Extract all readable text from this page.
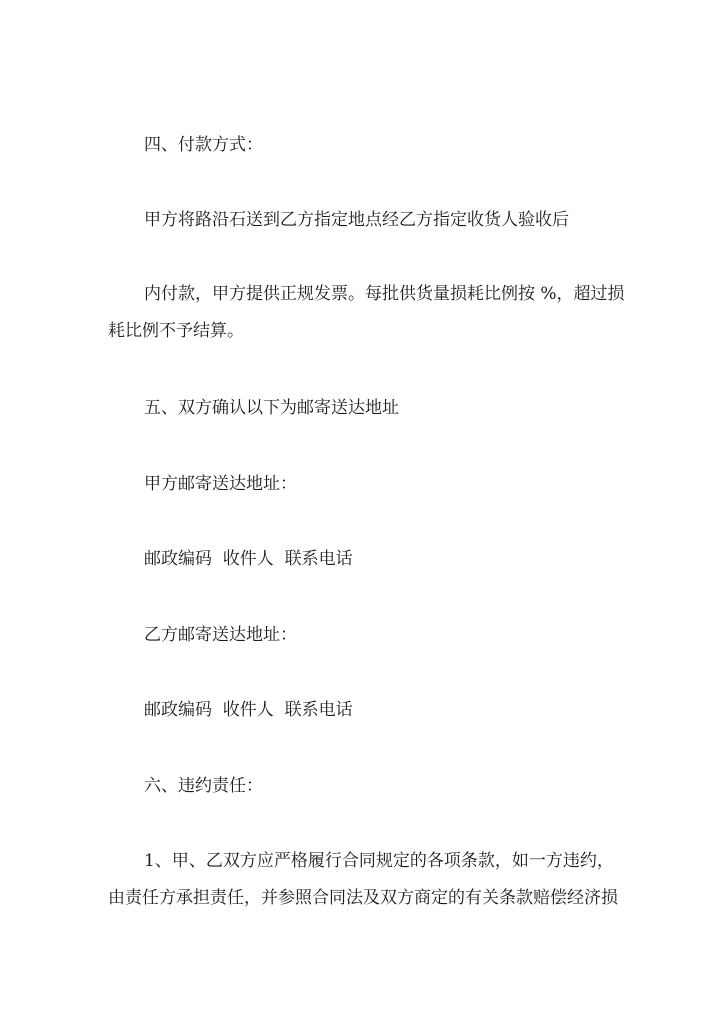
四、付款方式：

甲方将路沿石送到乙方指定地点经乙方指定收货人验收后

内付款，甲方提供正规发票。每批供货量损耗比例按 %，超过损耗比例不予结算。

五、双方确认以下为邮寄送达地址

甲方邮寄送达地址：

邮政编码  收件人  联系电话

乙方邮寄送达地址：

邮政编码  收件人  联系电话

六、违约责任：

1、甲、乙双方应严格履行合同规定的各项条款，如一方违约，由责任方承担责任，并参照合同法及双方商定的有关条款赔偿经济损
